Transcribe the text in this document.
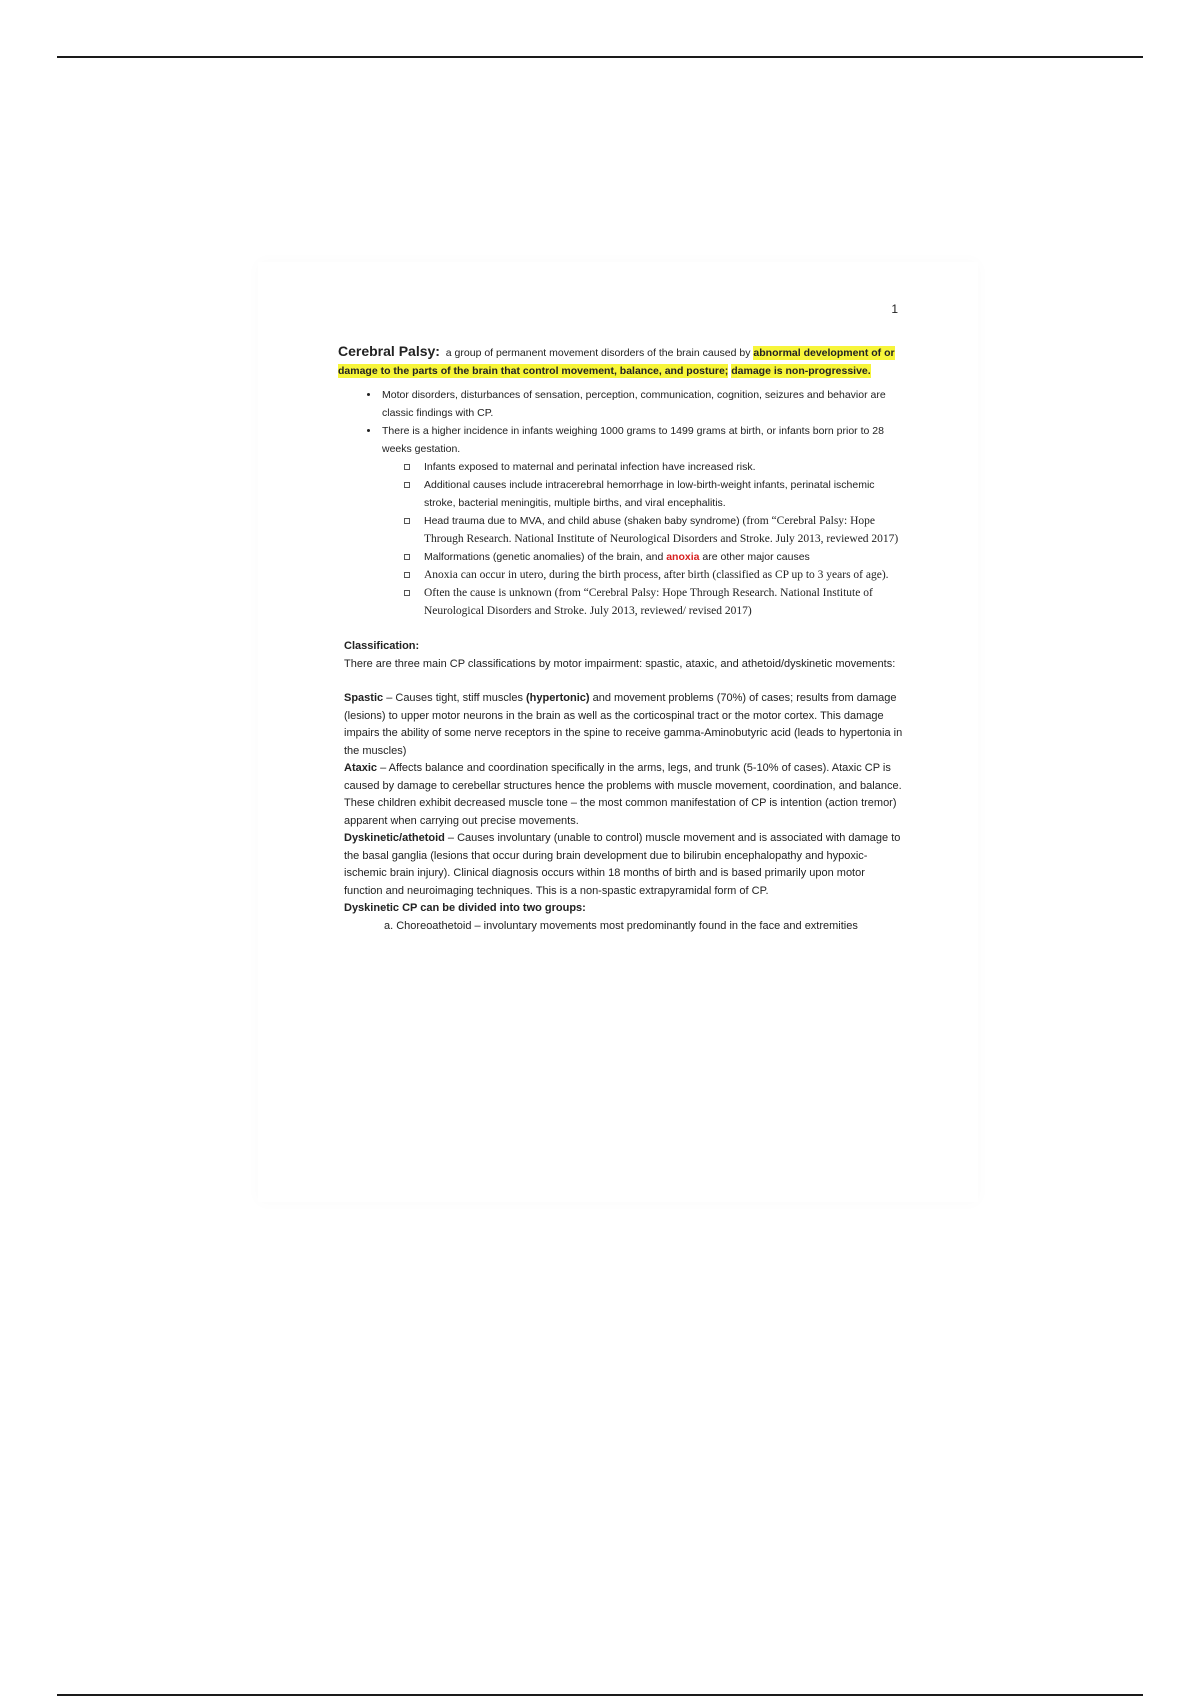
1

Cerebral Palsy: a group of permanent movement disorders of the brain caused by abnormal development of or damage to the parts of the brain that control movement, balance, and posture; damage is non-progressive.

• Motor disorders, disturbances of sensation, perception, communication, cognition, seizures and behavior are classic findings with CP.
• There is a higher incidence in infants weighing 1000 grams to 1499 grams at birth, or infants born prior to 28 weeks gestation.
Infants exposed to maternal and perinatal infection have increased risk.
Additional causes include intracerebral hemorrhage in low-birth-weight infants, perinatal ischemic stroke, bacterial meningitis, multiple births, and viral encephalitis.
Head trauma due to MVA, and child abuse (shaken baby syndrome) (from “Cerebral Palsy: Hope Through Research. National Institute of Neurological Disorders and Stroke. July 2013, reviewed 2017)
Malformations (genetic anomalies) of the brain, and anoxia are other major causes
Anoxia can occur in utero, during the birth process, after birth (classified as CP up to 3 years of age).
Often the cause is unknown (from “Cerebral Palsy: Hope Through Research. National Institute of Neurological Disorders and Stroke. July 2013, reviewed/ revised 2017)

Classification:

There are three main CP classifications by motor impairment: spastic, ataxic, and athetoid/dyskinetic movements:

Spastic – Causes tight, stiff muscles (hypertonic) and movement problems (70%) of cases; results from damage (lesions) to upper motor neurons in the brain as well as the corticospinal tract or the motor cortex. This damage impairs the ability of some nerve receptors in the spine to receive gamma-Aminobutyric acid (leads to hypertonia in the muscles)

Ataxic – Affects balance and coordination specifically in the arms, legs, and trunk (5-10% of cases). Ataxic CP is caused by damage to cerebellar structures hence the problems with muscle movement, coordination, and balance. These children exhibit decreased muscle tone – the most common manifestation of CP is intention (action tremor) apparent when carrying out precise movements.

Dyskinetic/athetoid – Causes involuntary (unable to control) muscle movement and is associated with damage to the basal ganglia (lesions that occur during brain development due to bilirubin encephalopathy and hypoxic-ischemic brain injury). Clinical diagnosis occurs within 18 months of birth and is based primarily upon motor function and neuroimaging techniques. This is a non-spastic extrapyramidal form of CP.

Dyskinetic CP can be divided into two groups:

a. Choreoathetoid – involuntary movements most predominantly found in the face and extremities
